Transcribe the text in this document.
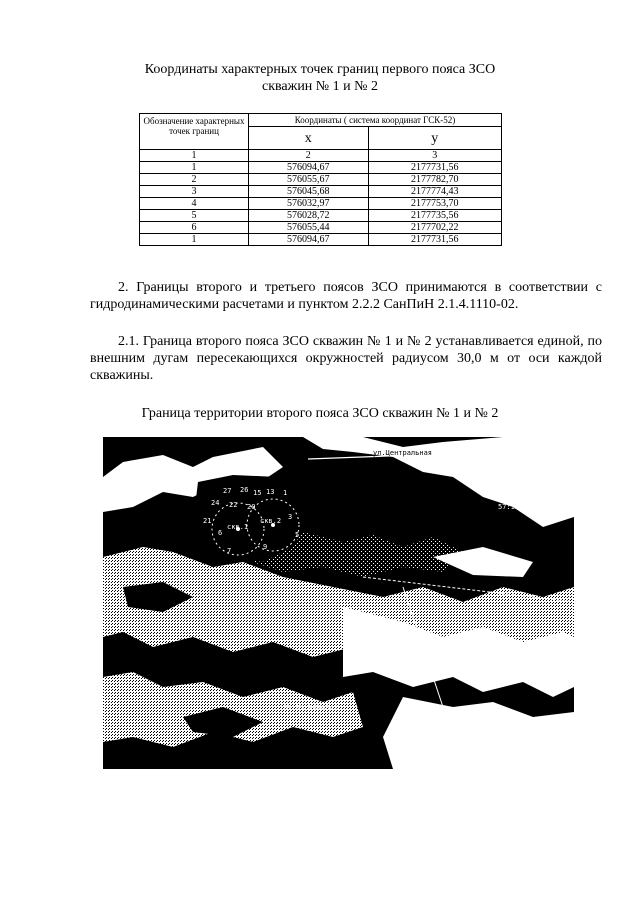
Координаты характерных точек границ первого пояса ЗСО
скважин № 1 и № 2
Обозначение характерных точек границ	Координаты ( система координат ГСК-52)	
	x	y
1	2	3
1	576094,67	2177731,56
2	576055,67	2177782,70
3	576045,68	2177774,43
4	576032,97	2177753,70
5	576028,72	2177735,56
6	576055,44	2177702,22
1	576094,67	2177731,56

2. Границы второго и третьего поясов ЗСО принимаются в соответствии с гидродинамическими расчетами и пунктом 2.2.2 СанПиН 2.1.4.1110-02.

2.1. Граница второго пояса ЗСО скважин № 1 и № 2 устанавливается единой, по внешним дугам пересекающихся окружностей радиусом 30,0 м от оси каждой скважины.

Граница территории второго пояса ЗСО скважин № 1 и № 2
27 26 15 13 1
24 22 20
21
6
3
5
7	9
скв.1
скв.2
ул.Центральная
57:15:0070836
ул.Садовая
57:15:0070841
